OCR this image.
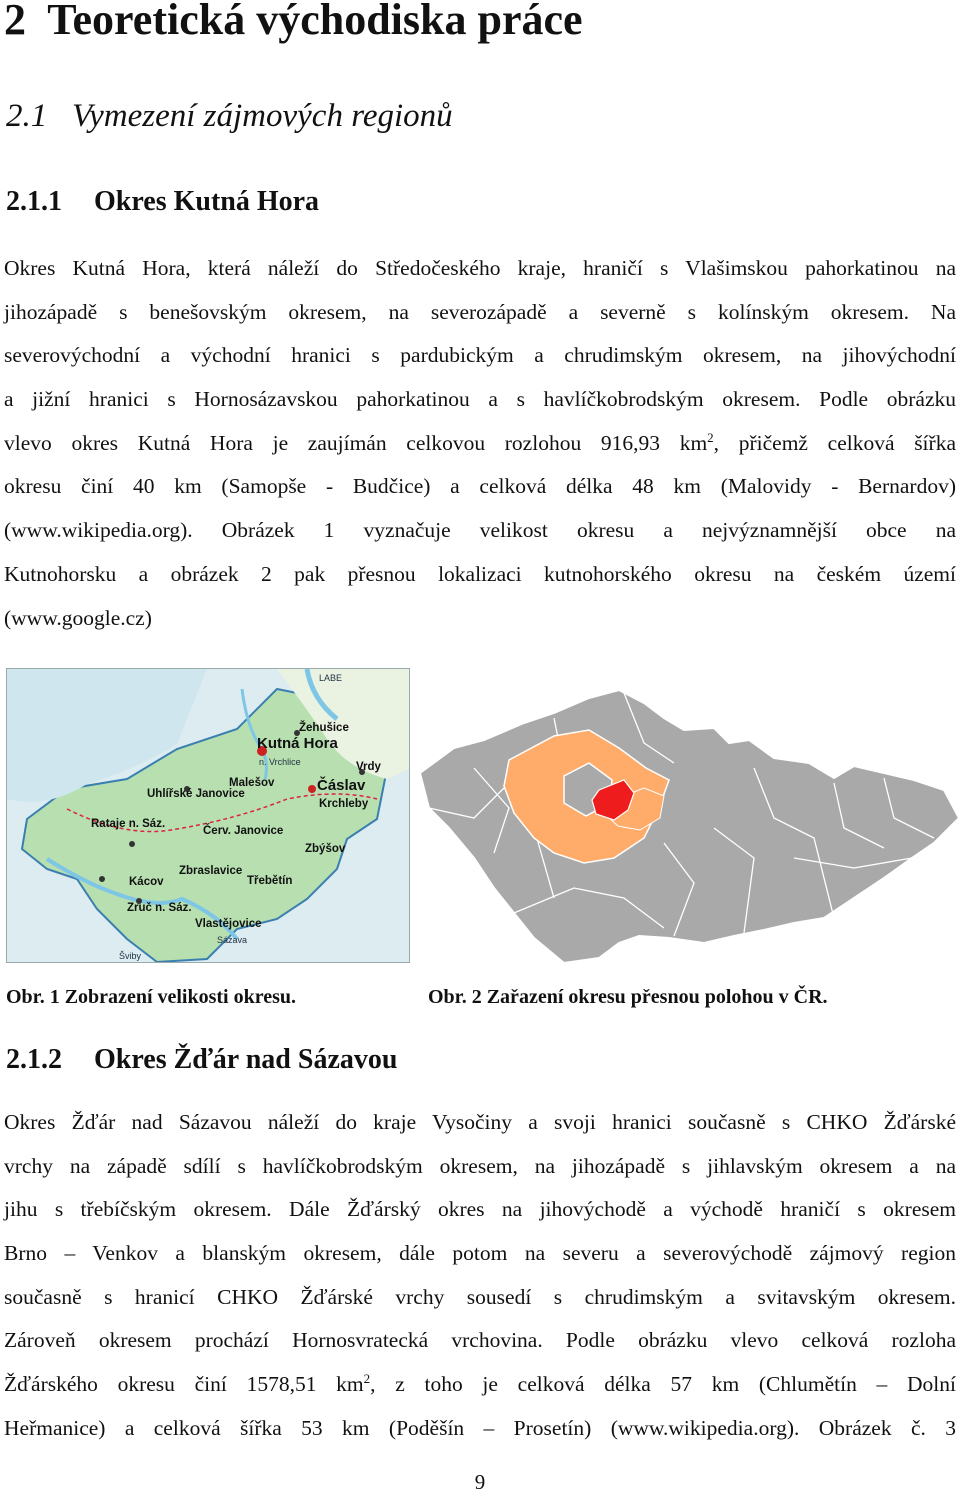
2 Teoretická východiska práce
2.1 Vymezení zájmových regionů
2.1.1 Okres Kutná Hora
Okres Kutná Hora, která náleží do Středočeského kraje, hraničí s Vlašimskou pahorkatinou na
jihozápadě s benešovským okresem, na severozápadě a severně s kolínským okresem. Na
severovýchodní a východní hranici s pardubickým a chrudimským okresem, na jihovýchodní
a jižní hranici s Hornosázavskou pahorkatinou a s havlíčkobrodským okresem. Podle obrázku
vlevo okres Kutná Hora je zaujímán celkovou rozlohou 916,93 $km^2$, přičemž celková šířka
okresu činí 40 km (Samopše - Budčice) a celková délka 48 km (Malovidy - Bernardov)
(www.wikipedia.org). Obrázek 1 vyznačuje velikost okresu a nejvýznamnější obce na
Kutnohorsku a obrázek 2 pak přesnou lokalizaci kutnohorského okresu na českém území
(www.google.cz)
LABE
Žehušice
Kutná Hora
Vrdy
Malešov	Čáslav
Uhlířské Janovice
Krchleby
Rataje n. Sáz.
Červ. Janovice
Zbýšov
Zbraslavice
Třebětín
Kácov
Zruč n. Sáz.
Vlastějovice
Sázava
n. Vrchlice
Šviby
Obr. 1 Zobrazení velikosti okresu.	Obr. 2 Zařazení okresu přesnou polohou v ČR.
2.1.2 Okres Žďár nad Sázavou
Okres Žďár nad Sázavou náleží do kraje Vysočiny a svoji hranici současně s CHKO Žďárské
vrchy na západě sdílí s havlíčkobrodským okresem, na jihozápadě s jihlavským okresem a na
jihu s třebíčským okresem. Dále Žďárský okres na jihovýchodě a východě hraničí s okresem
Brno – Venkov a blanským okresem, dále potom na severu a severovýchodě zájmový region
současně s hranicí CHKO Žďárské vrchy sousedí s chrudimským a svitavským okresem.
Zároveň okresem prochází Hornosvratecká vrchovina. Podle obrázku vlevo celková rozloha
Žďárského okresu činí 1578,51 $km^2$, z toho je celková délka 57 km (Chlumětín – Dolní
Heřmanice) a celková šířka 53 km (Poděšín – Prosetín) (www.wikipedia.org). Obrázek č. 3
9
